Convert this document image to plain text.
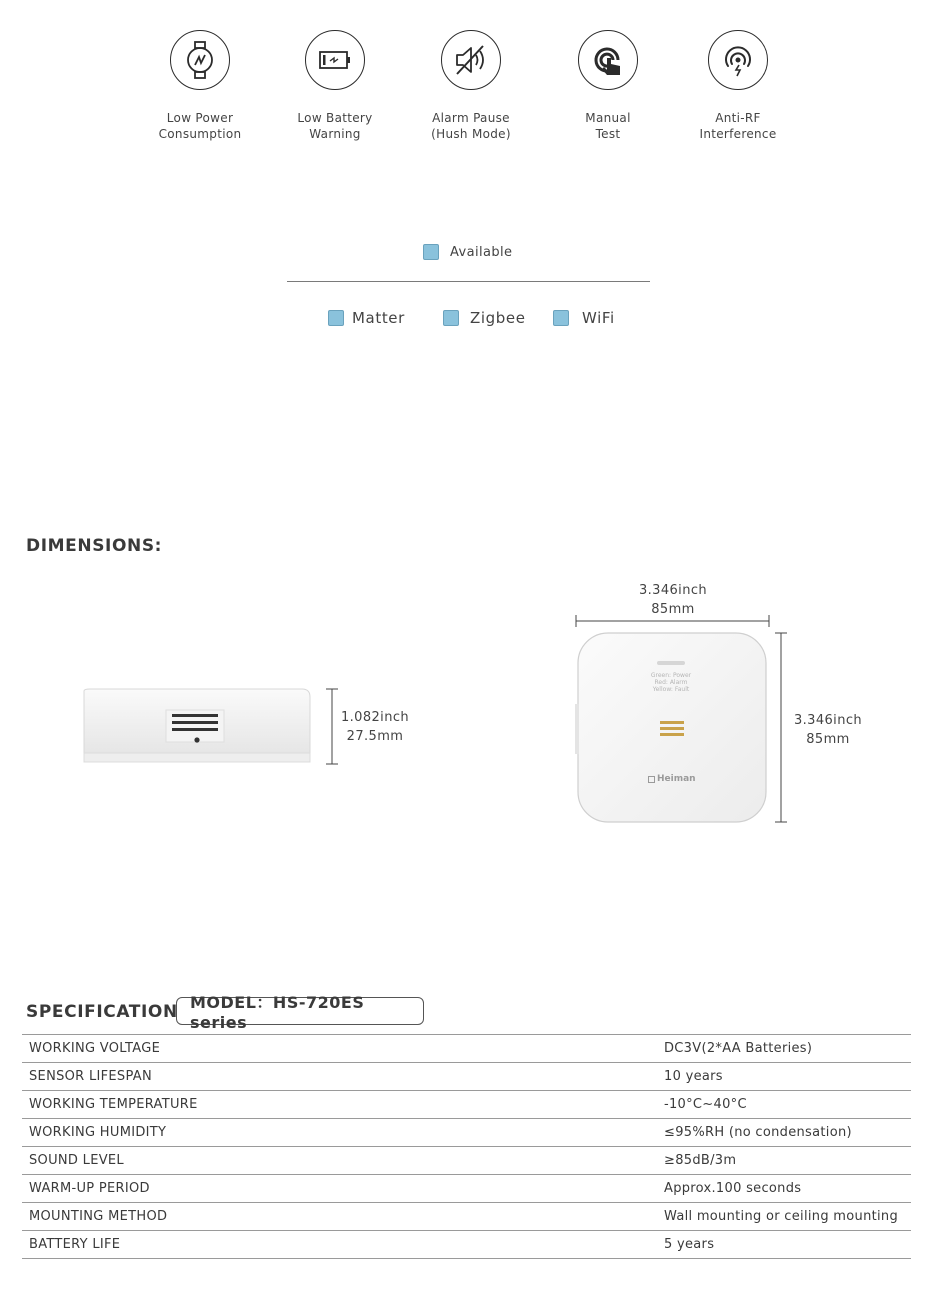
Low Power
Consumption
Low Battery
Warning
Alarm Pause
(Hush Mode)
Manual
Test
Anti-RF
Interference
Available
Matter	Zigbee	WiFi
DIMENSIONS:
1.082inch
27.5mm
3.346inch
85mm
Green: Power
Red: Alarm
Yellow: Fault
Heiman
3.346inch
85mm
SPECIFICATION MODEL：HS-720ES series
WORKING VOLTAGE	DC3V(2*AA Batteries)
SENSOR LIFESPAN	10 years
WORKING TEMPERATURE	-10°C~40°C
WORKING HUMIDITY	≤95%RH (no condensation)
SOUND LEVEL	≥85dB/3m
WARM-UP PERIOD	Approx.100 seconds
MOUNTING METHOD	Wall mounting or ceiling mounting
BATTERY LIFE	5 years
